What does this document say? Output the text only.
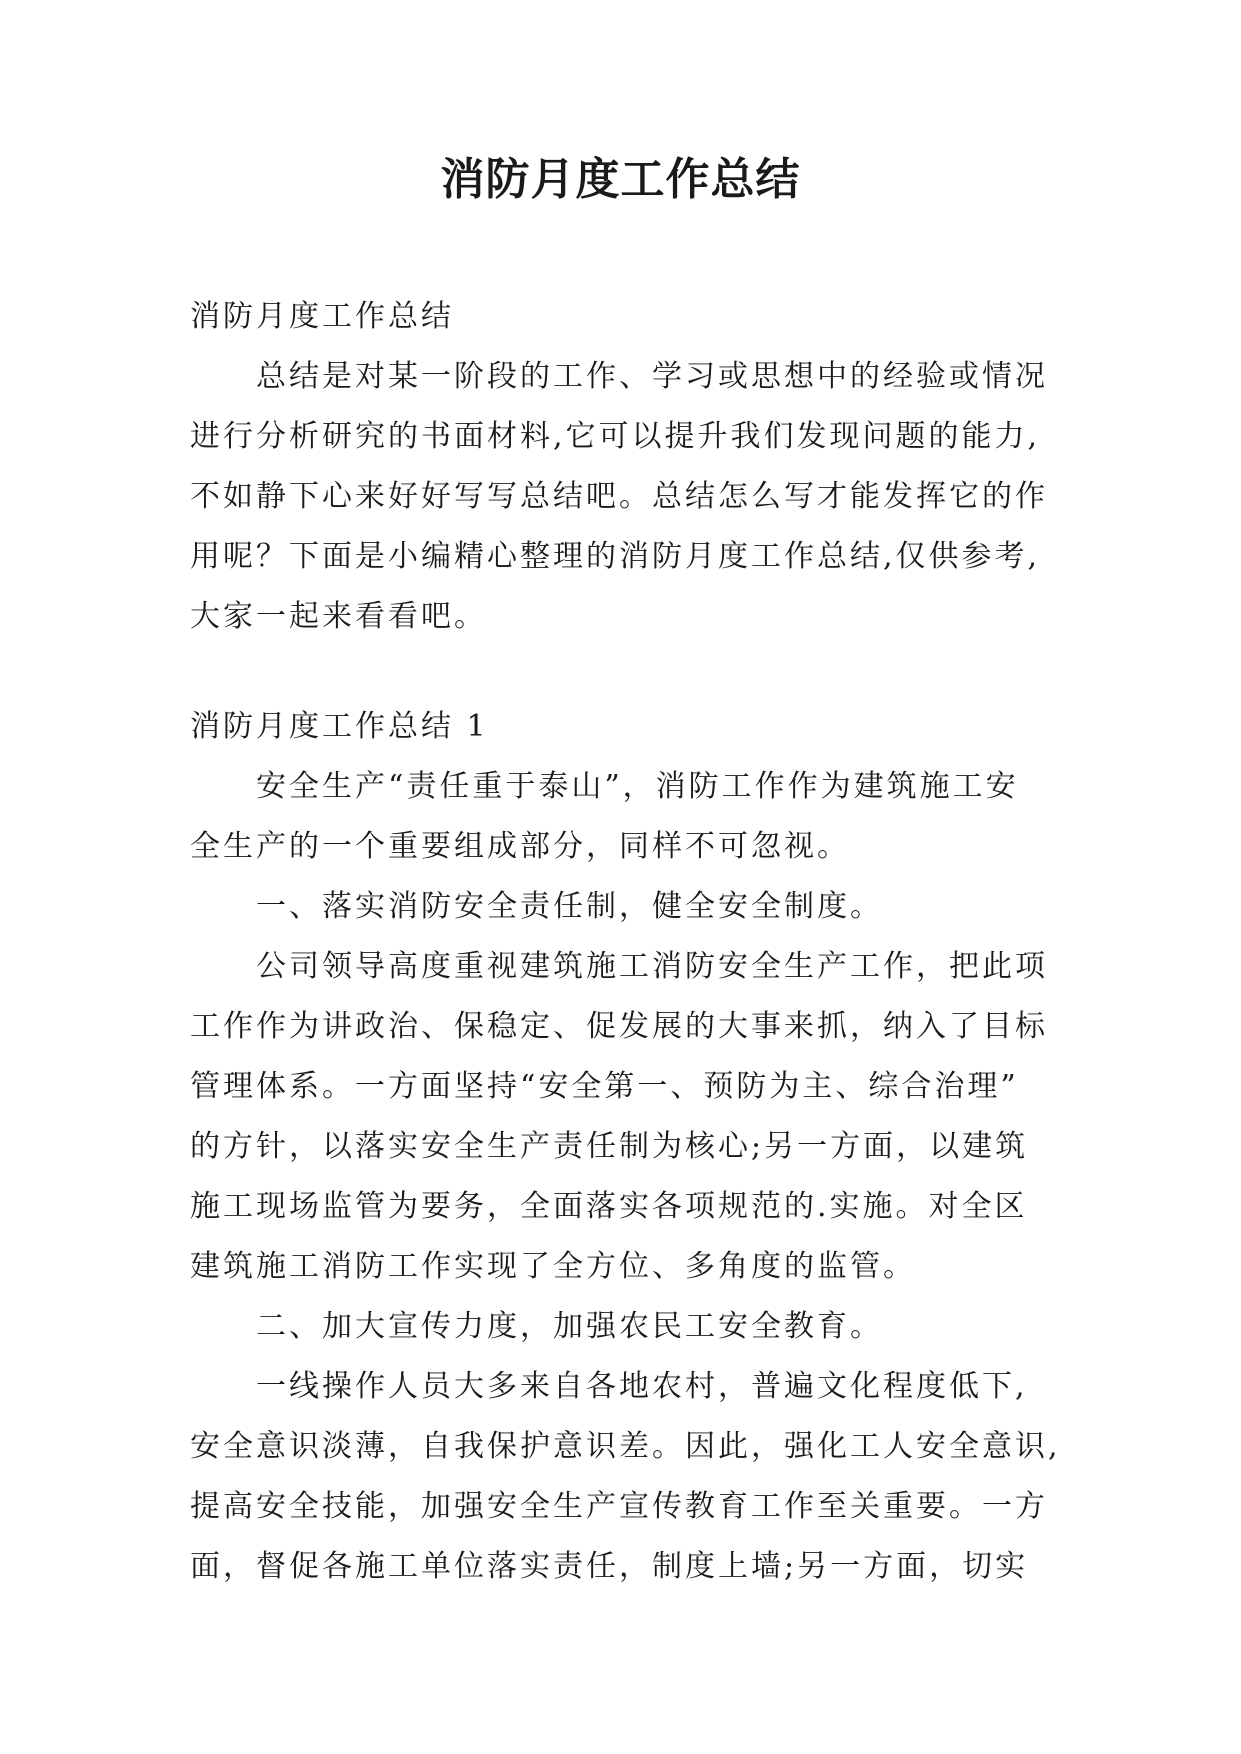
消防月度工作总结
消防月度工作总结
总结是对某一阶段的工作、学习或思想中的经验或情况
进行分析研究的书面材料,它可以提升我们发现问题的能力,
不如静下心来好好写写总结吧。总结怎么写才能发挥它的作
用呢？下面是小编精心整理的消防月度工作总结,仅供参考,
大家一起来看看吧。
消防月度工作总结 1
安全生产“责任重于泰山”，消防工作作为建筑施工安
全生产的一个重要组成部分，同样不可忽视。
一、落实消防安全责任制，健全安全制度。
公司领导高度重视建筑施工消防安全生产工作，把此项
工作作为讲政治、保稳定、促发展的大事来抓，纳入了目标
管理体系。一方面坚持“安全第一、预防为主、综合治理”
的方针，以落实安全生产责任制为核心;另一方面，以建筑
施工现场监管为要务，全面落实各项规范的.实施。对全区
建筑施工消防工作实现了全方位、多角度的监管。
二、加大宣传力度，加强农民工安全教育。
一线操作人员大多来自各地农村，普遍文化程度低下,
安全意识淡薄，自我保护意识差。因此，强化工人安全意识,
提高安全技能，加强安全生产宣传教育工作至关重要。一方
面，督促各施工单位落实责任，制度上墙;另一方面，切实
